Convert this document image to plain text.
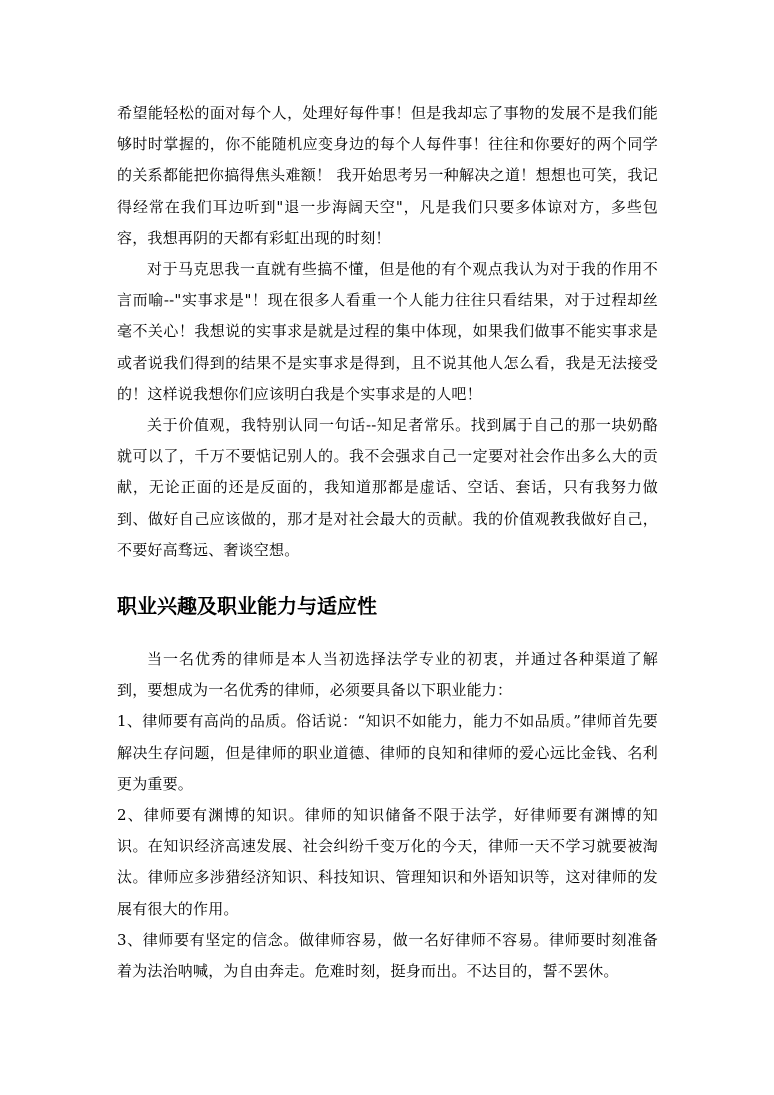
希望能轻松的面对每个人，处理好每件事！但是我却忘了事物的发展不是我们能够时时掌握的，你不能随机应变身边的每个人每件事！往往和你要好的两个同学的关系都能把你搞得焦头难额！ 我开始思考另一种解决之道！想想也可笑，我记得经常在我们耳边听到"退一步海阔天空"，凡是我们只要多体谅对方，多些包容，我想再阴的天都有彩虹出现的时刻！

对于马克思我一直就有些搞不懂，但是他的有个观点我认为对于我的作用不言而喻--"实事求是"！现在很多人看重一个人能力往往只看结果，对于过程却丝毫不关心！我想说的实事求是就是过程的集中体现，如果我们做事不能实事求是或者说我们得到的结果不是实事求是得到，且不说其他人怎么看，我是无法接受的！这样说我想你们应该明白我是个实事求是的人吧！

关于价值观，我特别认同一句话--知足者常乐。找到属于自己的那一块奶酪就可以了，千万不要惦记别人的。我不会强求自己一定要对社会作出多么大的贡献，无论正面的还是反面的，我知道那都是虚话、空话、套话，只有我努力做到、做好自己应该做的，那才是对社会最大的贡献。我的价值观教我做好自己，不要好高骛远、奢谈空想。

职业兴趣及职业能力与适应性

当一名优秀的律师是本人当初选择法学专业的初衷，并通过各种渠道了解到，要想成为一名优秀的律师，必须要具备以下职业能力：

1、律师要有高尚的品质。俗话说：“知识不如能力，能力不如品质。”律师首先要解决生存问题，但是律师的职业道德、律师的良知和律师的爱心远比金钱、名利更为重要。

2、律师要有渊博的知识。律师的知识储备不限于法学，好律师要有渊博的知识。在知识经济高速发展、社会纠纷千变万化的今天，律师一天不学习就要被淘汰。律师应多涉猎经济知识、科技知识、管理知识和外语知识等，这对律师的发展有很大的作用。

3、律师要有坚定的信念。做律师容易，做一名好律师不容易。律师要时刻准备着为法治呐喊，为自由奔走。危难时刻，挺身而出。不达目的，誓不罢休。
